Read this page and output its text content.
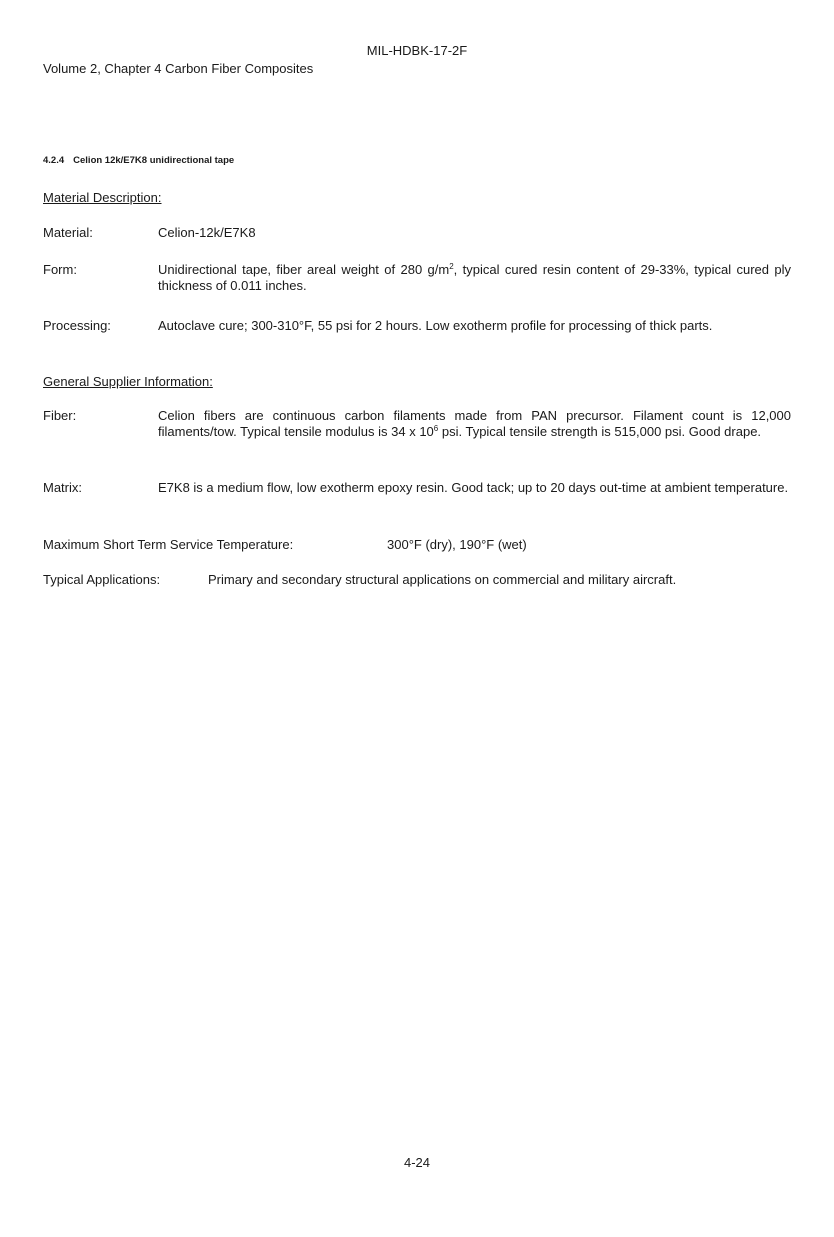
MIL-HDBK-17-2F
Volume 2, Chapter 4 Carbon Fiber Composites
4.2.4 Celion 12k/E7K8 unidirectional tape
Material Description:
Material:	Celion-12k/E7K8
Form:	Unidirectional tape, fiber areal weight of 280 $g/m^2$, typical cured resin content of 29-33%, typical cured ply thickness of 0.011 inches.
Processing:	Autoclave cure; 300-310°F, 55 psi for 2 hours. Low exotherm profile for processing of thick parts.
General Supplier Information:
Fiber:	Celion fibers are continuous carbon filaments made from PAN precursor. Filament count is 12,000 filaments/tow. Typical tensile modulus is 34 x $10^6$ psi. Typical tensile strength is 515,000 psi. Good drape.
Matrix:	E7K8 is a medium flow, low exotherm epoxy resin. Good tack; up to 20 days out-time at ambient temperature.
Maximum Short Term Service Temperature:	300°F (dry), 190°F (wet)
Typical Applications:	Primary and secondary structural applications on commercial and military aircraft.
4-24
